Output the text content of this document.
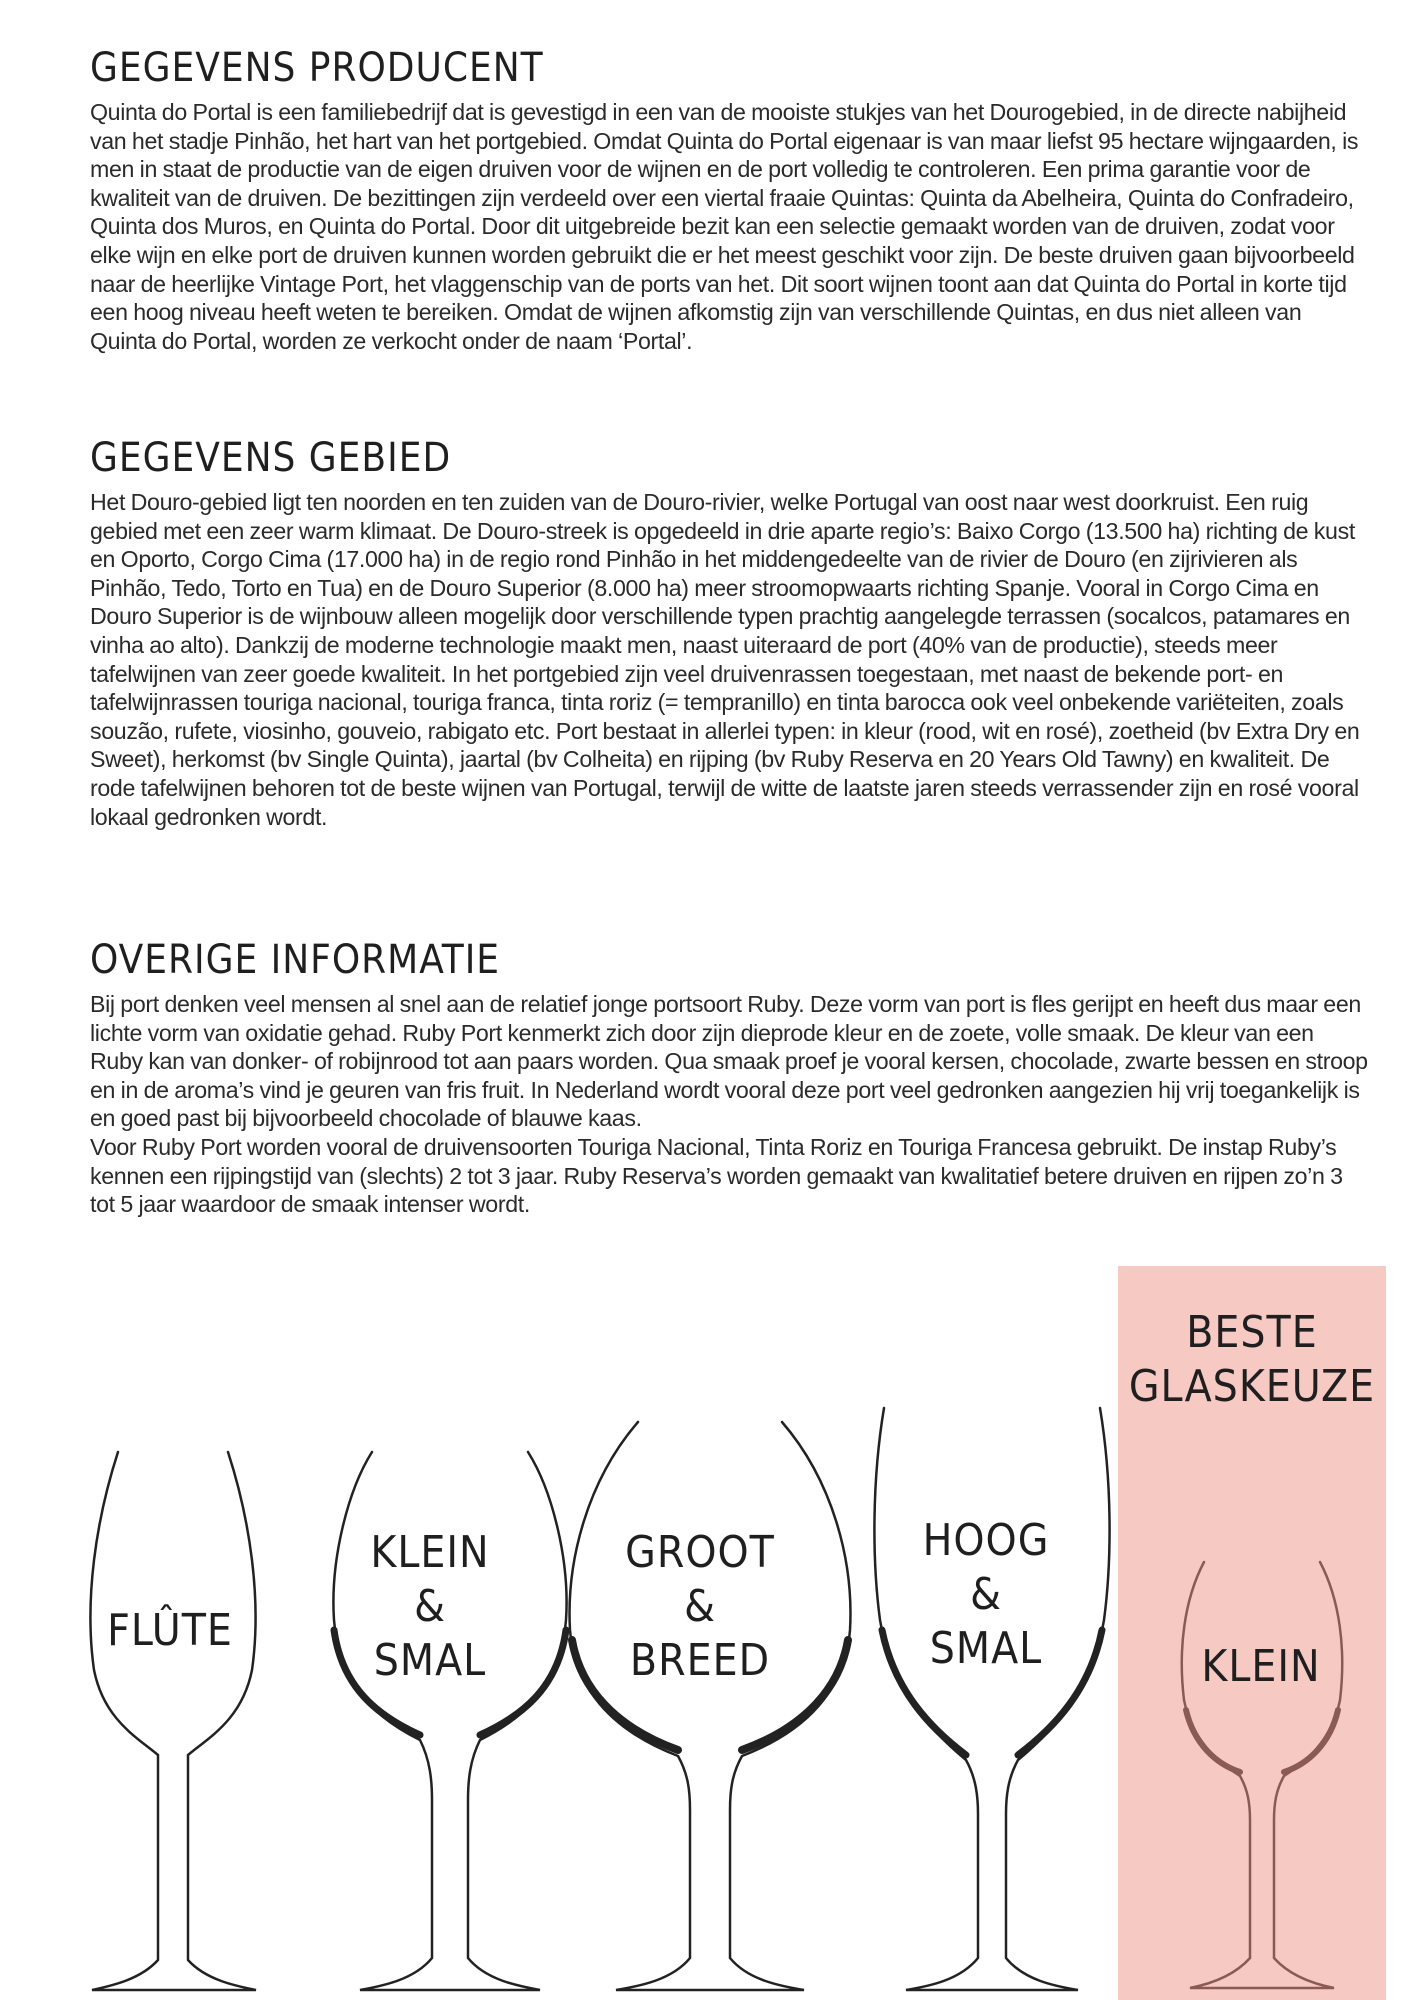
GEGEVENS PRODUCENT

Quinta do Portal is een familiebedrijf dat is gevestigd in een van de mooiste stukjes van het Dourogebied, in de directe nabijheid van het stadje Pinhão, het hart van het portgebied. Omdat Quinta do Portal eigenaar is van maar liefst 95 hectare wijngaarden, is men in staat de productie van de eigen druiven voor de wijnen en de port volledig te controleren. Een prima garantie voor de kwaliteit van de druiven. De bezittingen zijn verdeeld over een viertal fraaie Quintas: Quinta da Abelheira, Quinta do Confradeiro, Quinta dos Muros, en Quinta do Portal. Door dit uitgebreide bezit kan een selectie gemaakt worden van de druiven, zodat voor elke wijn en elke port de druiven kunnen worden gebruikt die er het meest geschikt voor zijn. De beste druiven gaan bijvoorbeeld naar de heerlijke Vintage Port, het vlaggenschip van de ports van het. Dit soort wijnen toont aan dat Quinta do Portal in korte tijd een hoog niveau heeft weten te bereiken. Omdat de wijnen afkomstig zijn van verschillende Quintas, en dus niet alleen van Quinta do Portal, worden ze verkocht onder de naam ‘Portal’.

GEGEVENS GEBIED

Het Douro-gebied ligt ten noorden en ten zuiden van de Douro-rivier, welke Portugal van oost naar west doorkruist. Een ruig gebied met een zeer warm klimaat. De Douro-streek is opgedeeld in drie aparte regio’s: Baixo Corgo (13.500 ha) richting de kust en Oporto, Corgo Cima (17.000 ha) in de regio rond Pinhão in het middengedeelte van de rivier de Douro (en zijrivieren als Pinhão, Tedo, Torto en Tua) en de Douro Superior (8.000 ha) meer stroomopwaarts richting Spanje. Vooral in Corgo Cima en Douro Superior is de wijnbouw alleen mogelijk door verschillende typen prachtig aangelegde terrassen (socalcos, patamares en vinha ao alto). Dankzij de moderne technologie maakt men, naast uiteraard de port (40% van de productie), steeds meer tafelwijnen van zeer goede kwaliteit. In het portgebied zijn veel druivenrassen toegestaan, met naast de bekende port- en tafelwijnrassen touriga nacional, touriga franca, tinta roriz (= tempranillo) en tinta barocca ook veel onbekende variëteiten, zoals souzão, rufete, viosinho, gouveio, rabigato etc. Port bestaat in allerlei typen: in kleur (rood, wit en rosé), zoetheid (bv Extra Dry en Sweet), herkomst (bv Single Quinta), jaartal (bv Colheita) en rijping (bv Ruby Reserva en 20 Years Old Tawny) en kwaliteit. De rode tafelwijnen behoren tot de beste wijnen van Portugal, terwijl de witte de laatste jaren steeds verrassender zijn en rosé vooral lokaal gedronken wordt.

OVERIGE INFORMATIE

Bij port denken veel mensen al snel aan de relatief jonge portsoort Ruby. Deze vorm van port is fles gerijpt en heeft dus maar een lichte vorm van oxidatie gehad. Ruby Port kenmerkt zich door zijn dieprode kleur en de zoete, volle smaak. De kleur van een Ruby kan van donker- of robijnrood tot aan paars worden. Qua smaak proef je vooral kersen, chocolade, zwarte bessen en stroop en in de aroma’s vind je geuren van fris fruit. In Nederland wordt vooral deze port veel gedronken aangezien hij vrij toegankelijk is en goed past bij bijvoorbeeld chocolade of blauwe kaas.

Voor Ruby Port worden vooral de druivensoorten Touriga Nacional, Tinta Roriz en Touriga Francesa gebruikt. De instap Ruby’s kennen een rijpingstijd van (slechts) 2 tot 3 jaar. Ruby Reserva’s worden gemaakt van kwalitatief betere druiven en rijpen zo’n 3 tot 5 jaar waardoor de smaak intenser wordt.

BESTE
GLASKEUZE
FLÛTE
KLEIN
&
SMAL
GROOT
&
BREED
HOOG
&
SMAL	KLEIN
